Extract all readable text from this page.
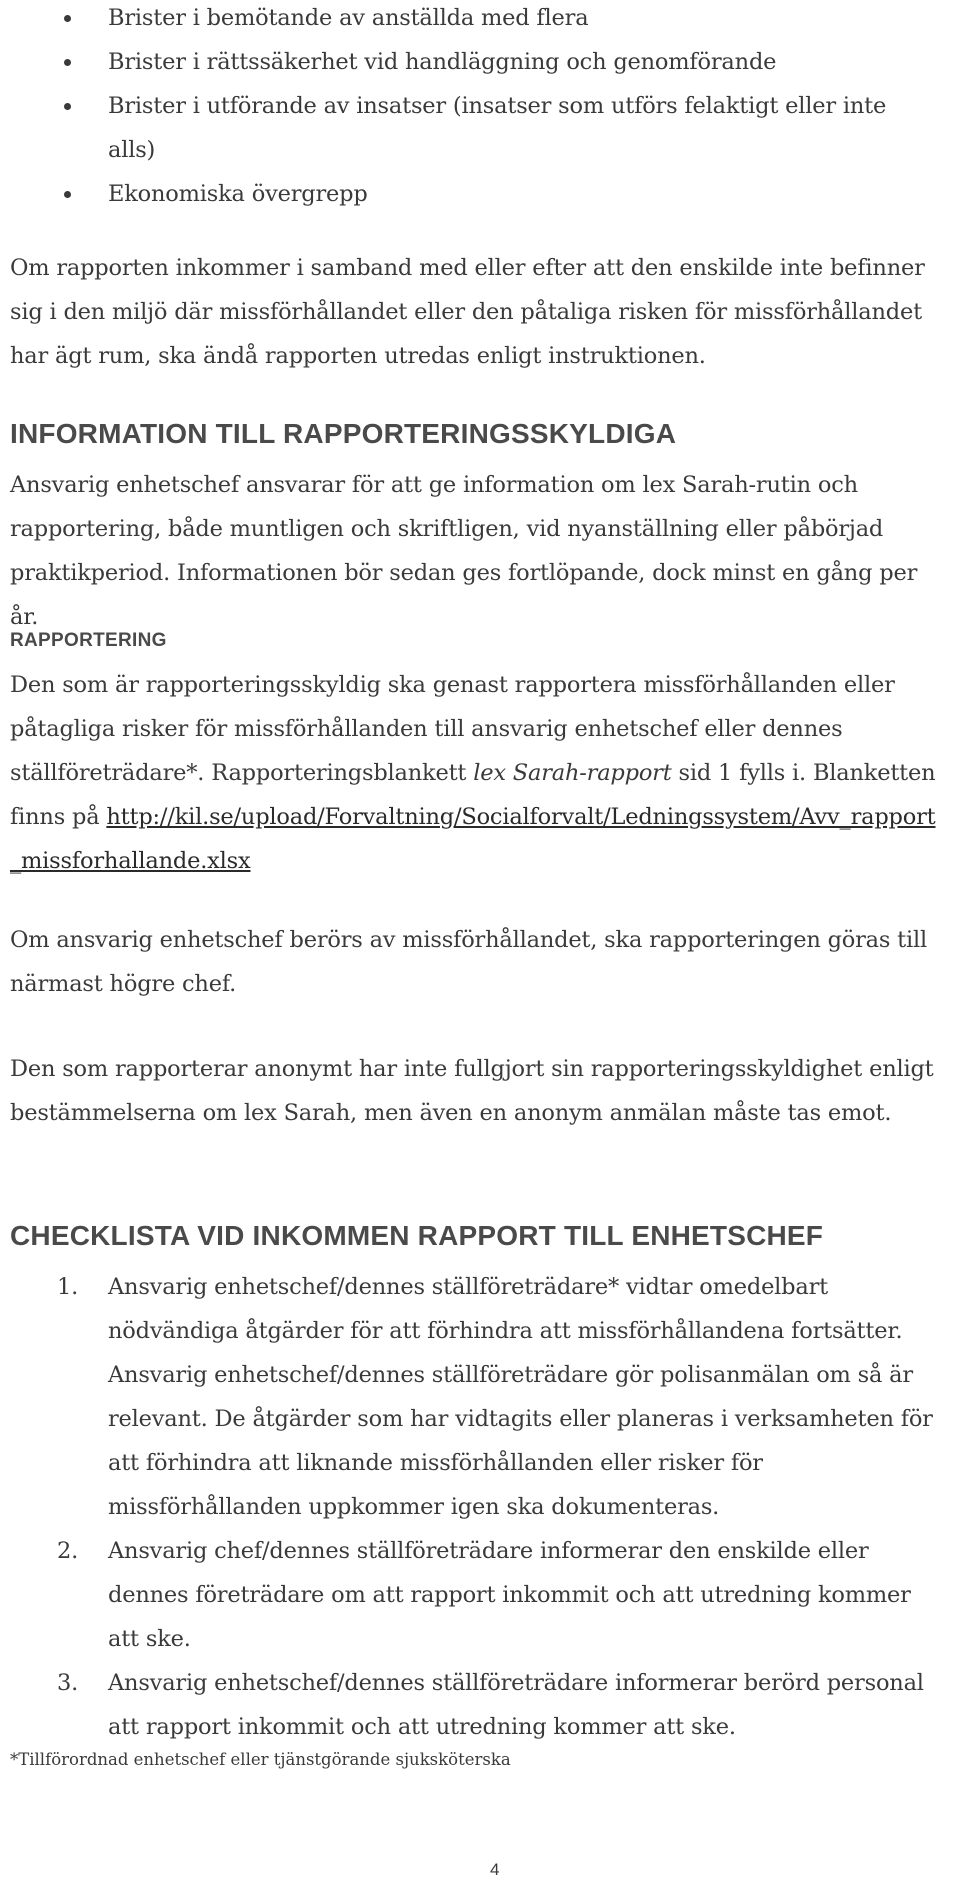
Brister i bemötande av anställda med flera
Brister i rättssäkerhet vid handläggning och genomförande
Brister i utförande av insatser (insatser som utförs felaktigt eller inte alls)
Ekonomiska övergrepp

Om rapporten inkommer i samband med eller efter att den enskilde inte befinner sig i den miljö där missförhållandet eller den påtaliga risken för missförhållandet har ägt rum, ska ändå rapporten utredas enligt instruktionen.

INFORMATION TILL RAPPORTERINGSSKYLDIGA

Ansvarig enhetschef ansvarar för att ge information om lex Sarah-rutin och rapportering, både muntligen och skriftligen, vid nyanställning eller påbörjad praktikperiod. Informationen bör sedan ges fortlöpande, dock minst en gång per år.

RAPPORTERING

Den som är rapporteringsskyldig ska genast rapportera missförhållanden eller påtagliga risker för missförhållanden till ansvarig enhetschef eller dennes ställföreträdare*. Rapporteringsblankett lex Sarah-rapport sid 1 fylls i. Blanketten finns på http://kil.se/upload/Forvaltning/Socialforvalt/Ledningssystem/Avv_rapport_missforhallande.xlsx

Om ansvarig enhetschef berörs av missförhållandet, ska rapporteringen göras till närmast högre chef.

Den som rapporterar anonymt har inte fullgjort sin rapporteringsskyldighet enligt bestämmelserna om lex Sarah, men även en anonym anmälan måste tas emot.

CHECKLISTA VID INKOMMEN RAPPORT TILL ENHETSCHEF
1. Ansvarig enhetschef/dennes ställföreträdare* vidtar omedelbart nödvändiga åtgärder för att förhindra att missförhållandena fortsätter. Ansvarig enhetschef/dennes ställföreträdare gör polisanmälan om så är relevant. De åtgärder som har vidtagits eller planeras i verksamheten för att förhindra att liknande missförhållanden eller risker för missförhållanden uppkommer igen ska dokumenteras.
2. Ansvarig chef/dennes ställföreträdare informerar den enskilde eller dennes företrädare om att rapport inkommit och att utredning kommer att ske.
3. Ansvarig enhetschef/dennes ställföreträdare informerar berörd personal att rapport inkommit och att utredning kommer att ske.

*Tillförordnad enhetschef eller tjänstgörande sjuksköterska

4
